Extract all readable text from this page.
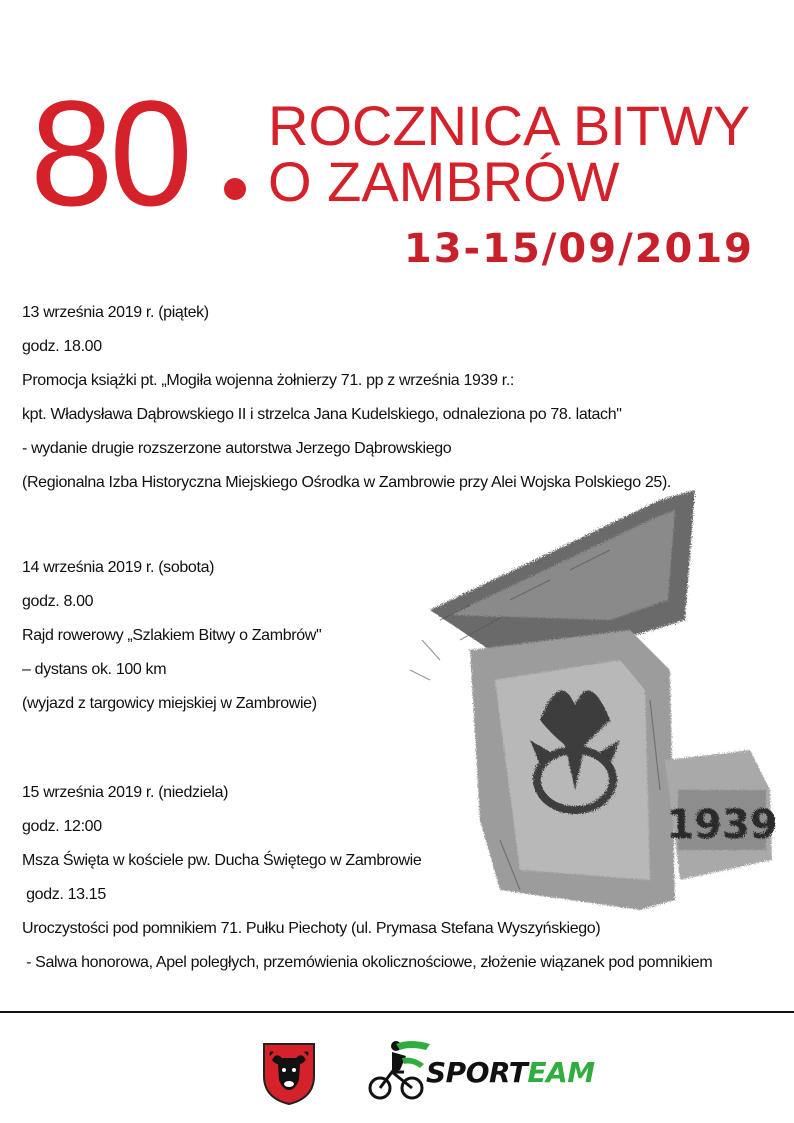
80 ROCZNICA BITWY
O ZAMBRÓW
13-15/09/2019
1939
13 września 2019 r. (piątek)
godz. 18.00
Promocja książki pt. „Mogiła wojenna żołnierzy 71. pp z września 1939 r.:
kpt. Władysława Dąbrowskiego II i strzelca Jana Kudelskiego, odnaleziona po 78. latach"
- wydanie drugie rozszerzone autorstwa Jerzego Dąbrowskiego
(Regionalna Izba Historyczna Miejskiego Ośrodka w Zambrowie przy Alei Wojska Polskiego 25).
14 września 2019 r. (sobota)
godz. 8.00
Rajd rowerowy „Szlakiem Bitwy o Zambrów"
– dystans ok. 100 km
(wyjazd z targowicy miejskiej w Zambrowie)
15 września 2019 r. (niedziela)
godz. 12:00
Msza Święta w kościele pw. Ducha Świętego w Zambrowie
godz. 13.15
Uroczystości pod pomnikiem 71. Pułku Piechoty (ul. Prymasa Stefana Wyszyńskiego)
- Salwa honorowa, Apel poległych, przemówienia okolicznościowe, złożenie wiązanek pod pomnikiem
SPORTEAM
